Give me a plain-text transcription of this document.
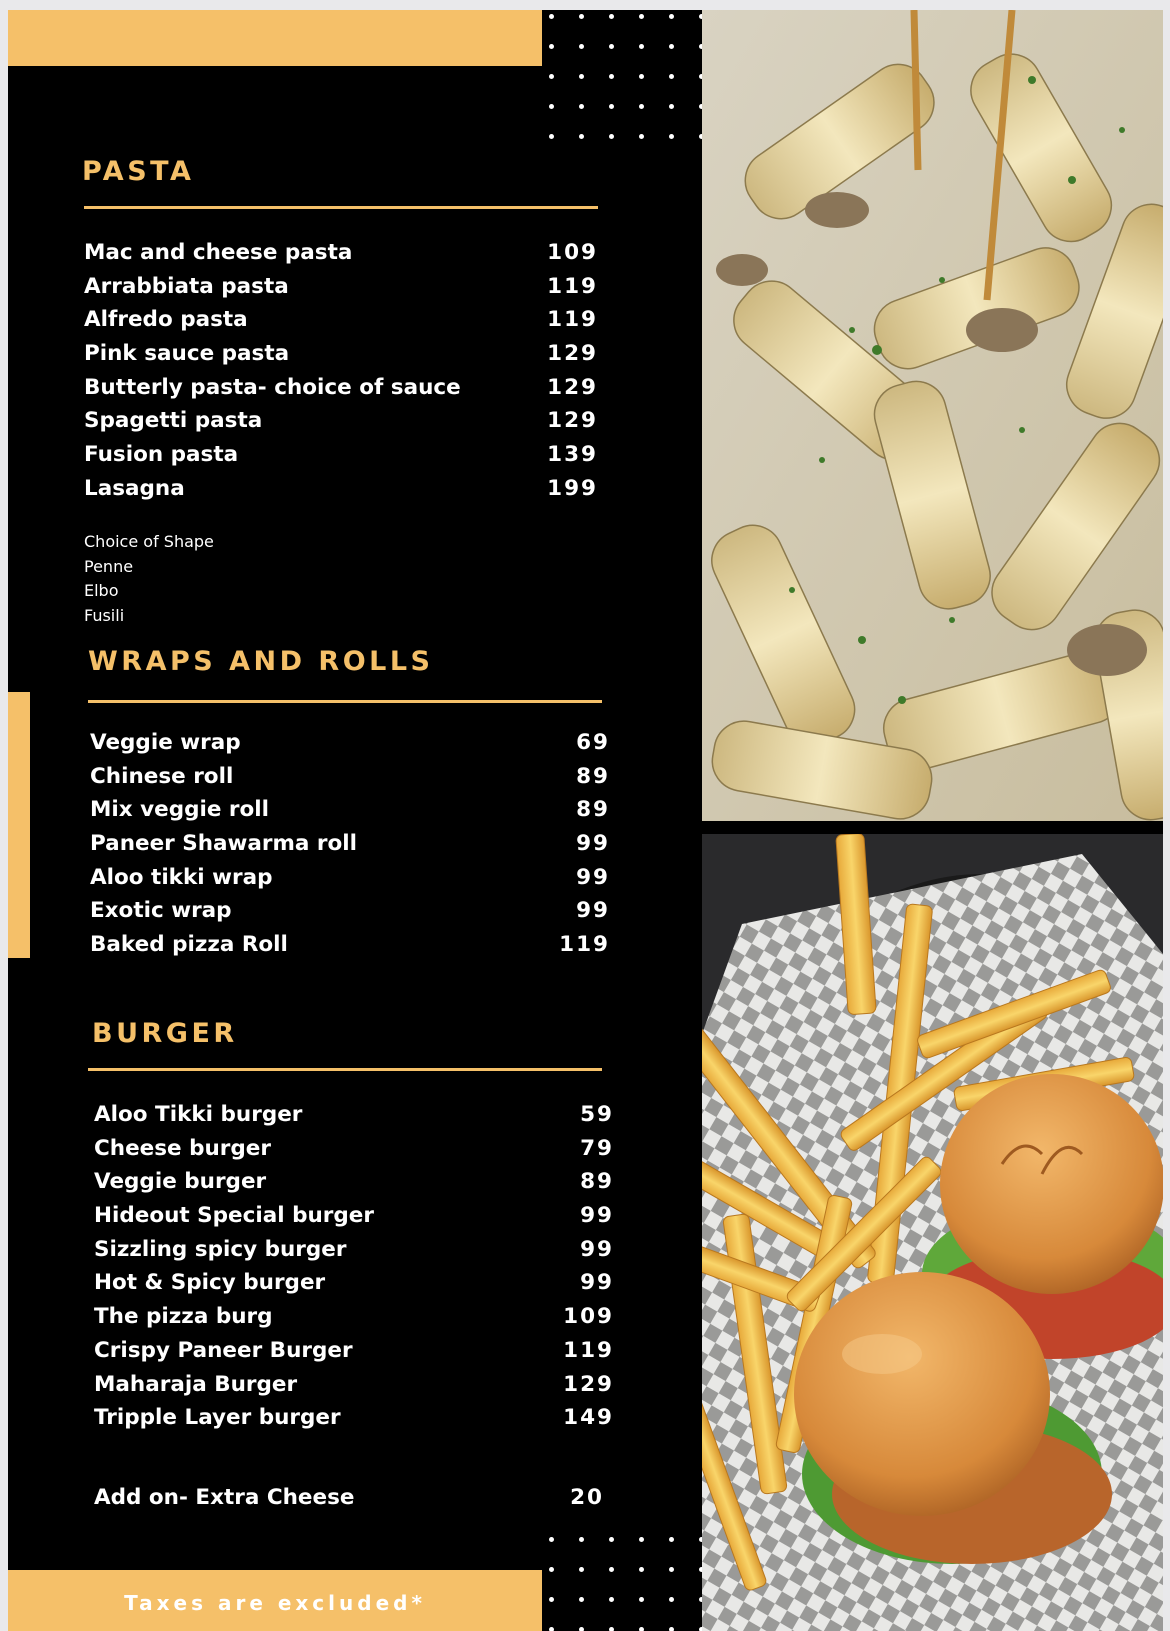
PASTA
Mac and cheese pasta	109
Arrabbiata pasta	119
Alfredo pasta	119
Pink sauce pasta	129
Butterly pasta- choice of sauce	129
Spagetti pasta	129
Fusion pasta	139
Lasagna	199
Choice of Shape
Penne
Elbo
Fusili
WRAPS AND ROLLS
Veggie wrap	69
Chinese roll	89
Mix veggie roll	89
Paneer Shawarma roll	99
Aloo tikki wrap	99
Exotic wrap	99
Baked pizza Roll	119
BURGER
Aloo Tikki burger	59
Cheese burger	79
Veggie burger	89
Hideout Special burger	99
Sizzling spicy burger	99
Hot & Spicy burger	99
The pizza burg	109
Crispy Paneer Burger	119
Maharaja Burger	129
Tripple Layer burger	149
Add on- Extra Cheese	20
Taxes are excluded*
